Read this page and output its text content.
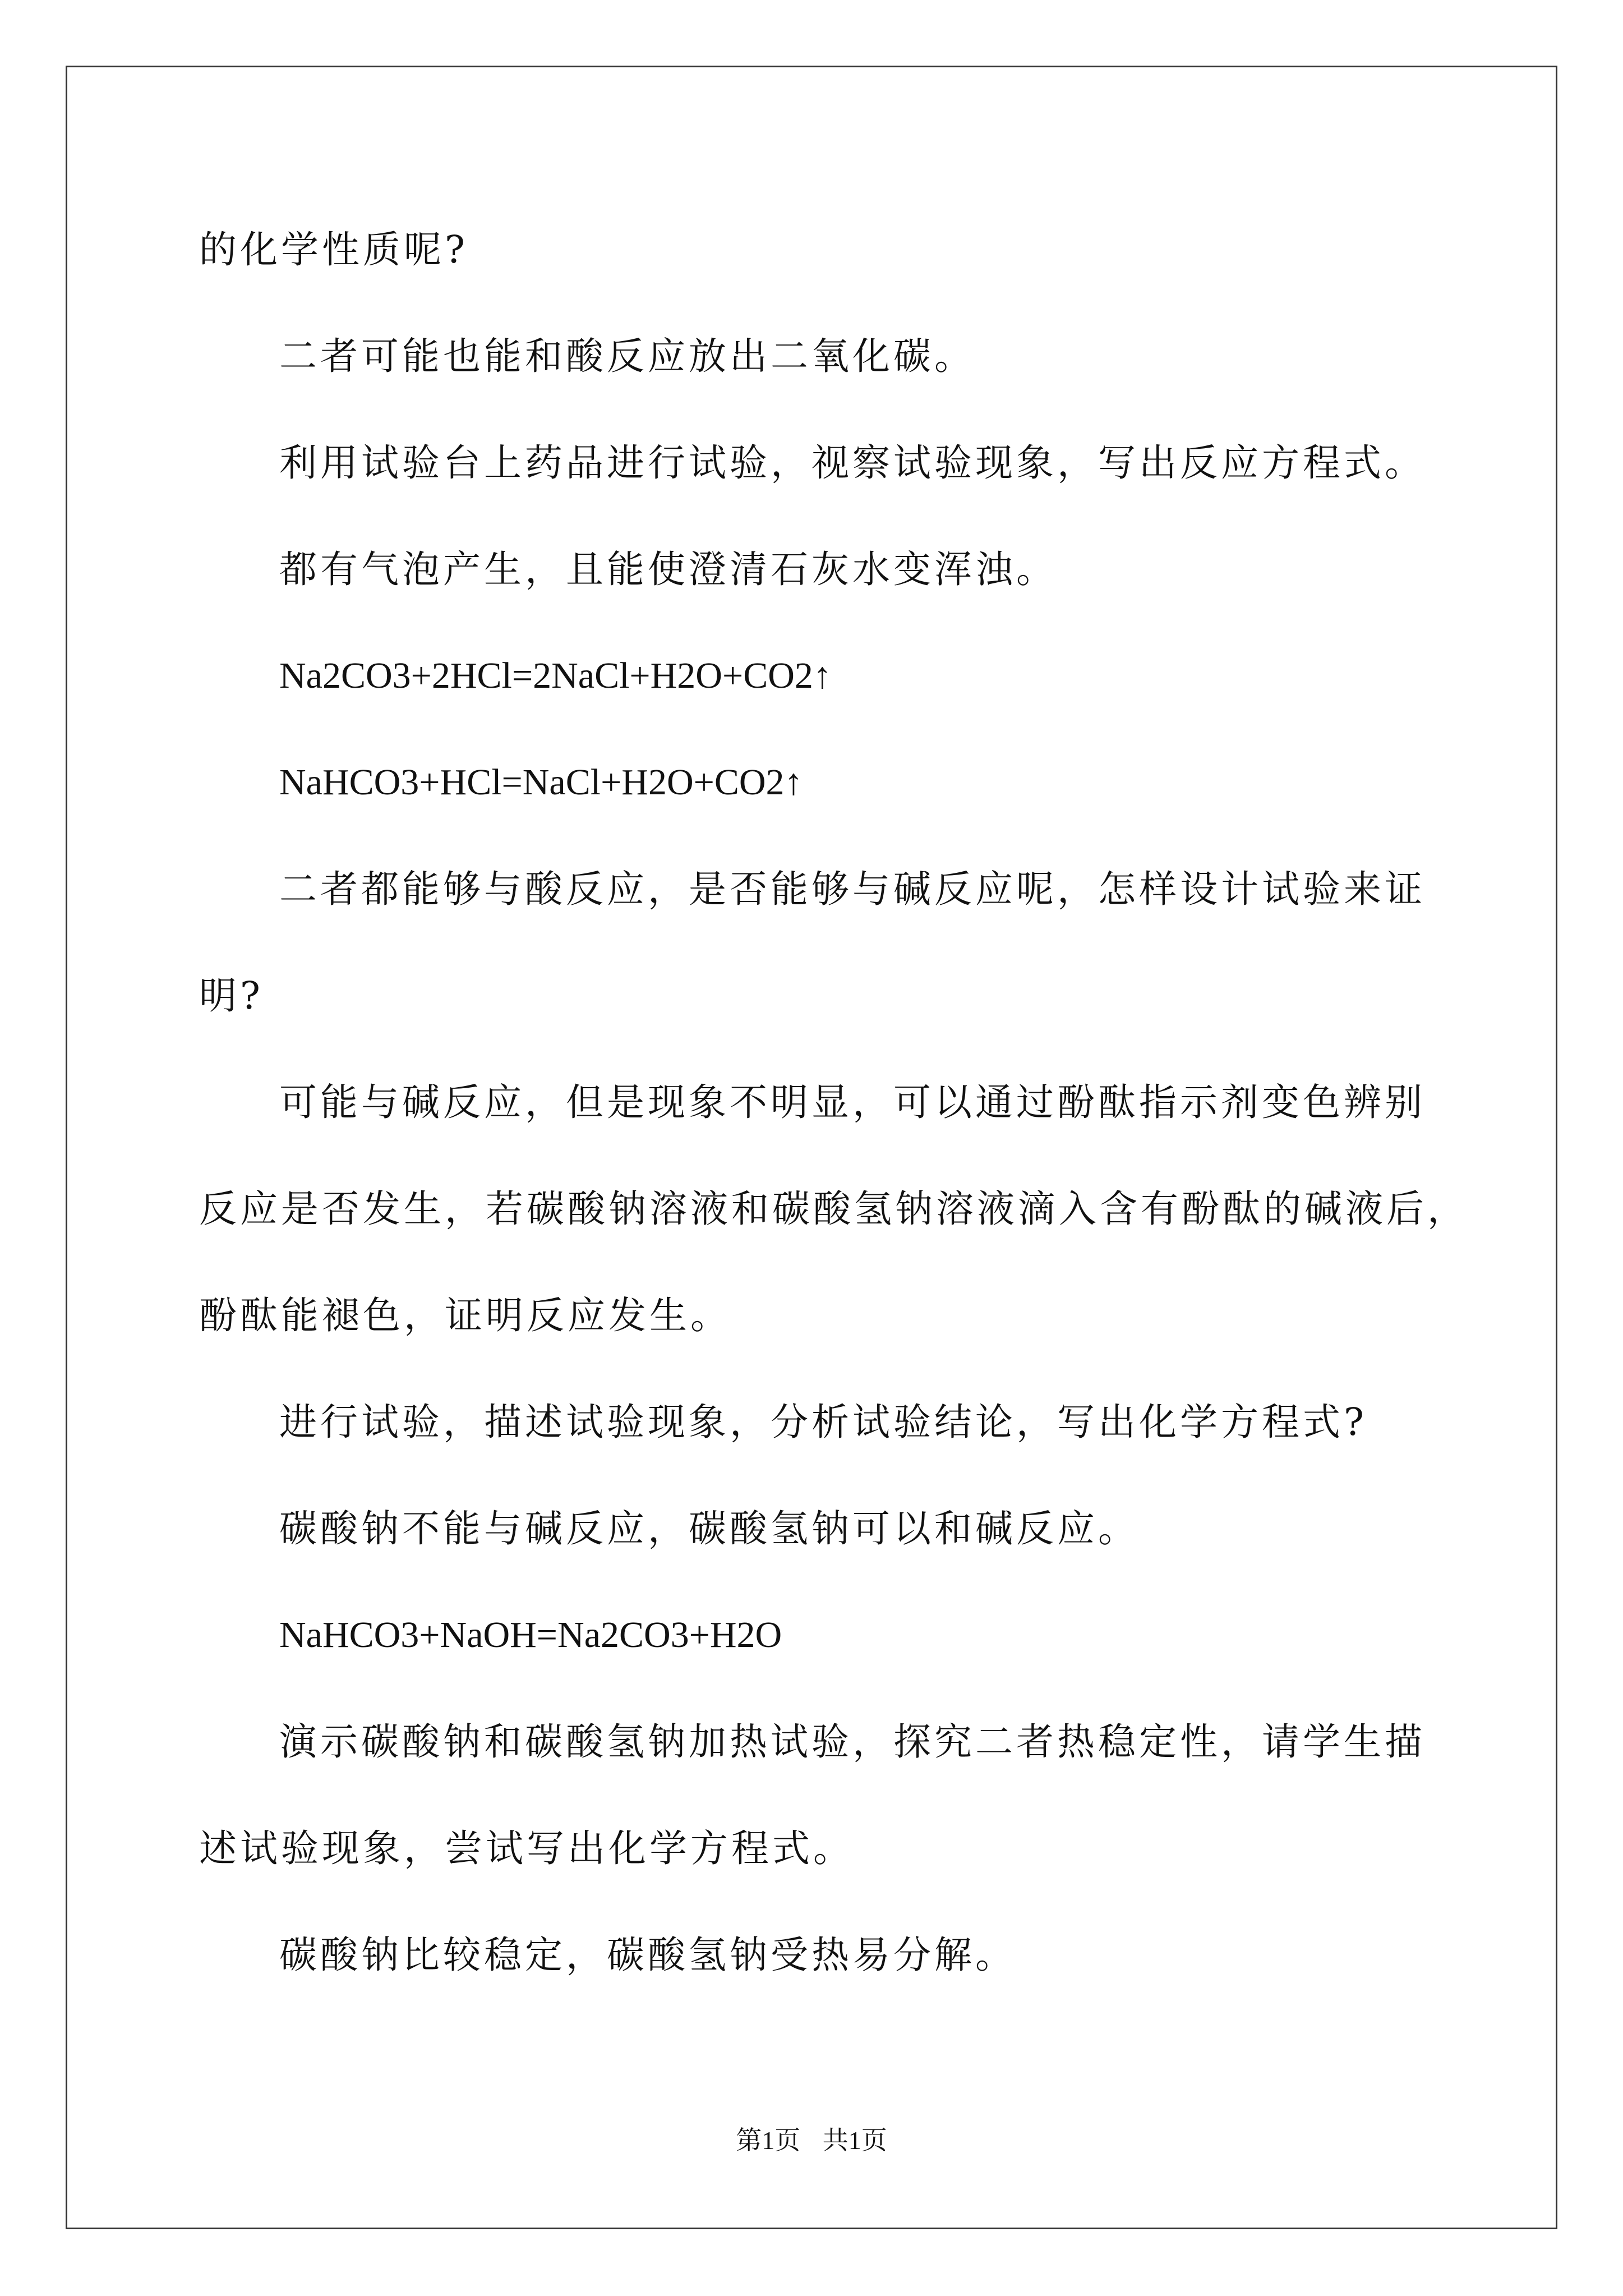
的化学性质呢?
二者可能也能和酸反应放出二氧化碳。
利用试验台上药品进行试验，视察试验现象，写出反应方程式。
都有气泡产生，且能使澄清石灰水变浑浊。
Na2CO3+2HCl=2NaCl+H2O+CO2↑
NaHCO3+HCl=NaCl+H2O+CO2↑
二者都能够与酸反应，是否能够与碱反应呢，怎样设计试验来证
明?
可能与碱反应，但是现象不明显，可以通过酚酞指示剂变色辨别
反应是否发生，若碳酸钠溶液和碳酸氢钠溶液滴入含有酚酞的碱液后，
酚酞能褪色，证明反应发生。
进行试验，描述试验现象，分析试验结论，写出化学方程式?
碳酸钠不能与碱反应，碳酸氢钠可以和碱反应。
NaHCO3+NaOH=Na2CO3+H2O
演示碳酸钠和碳酸氢钠加热试验，探究二者热稳定性，请学生描
述试验现象，尝试写出化学方程式。
碳酸钠比较稳定，碳酸氢钠受热易分解。
第1页 共1页
